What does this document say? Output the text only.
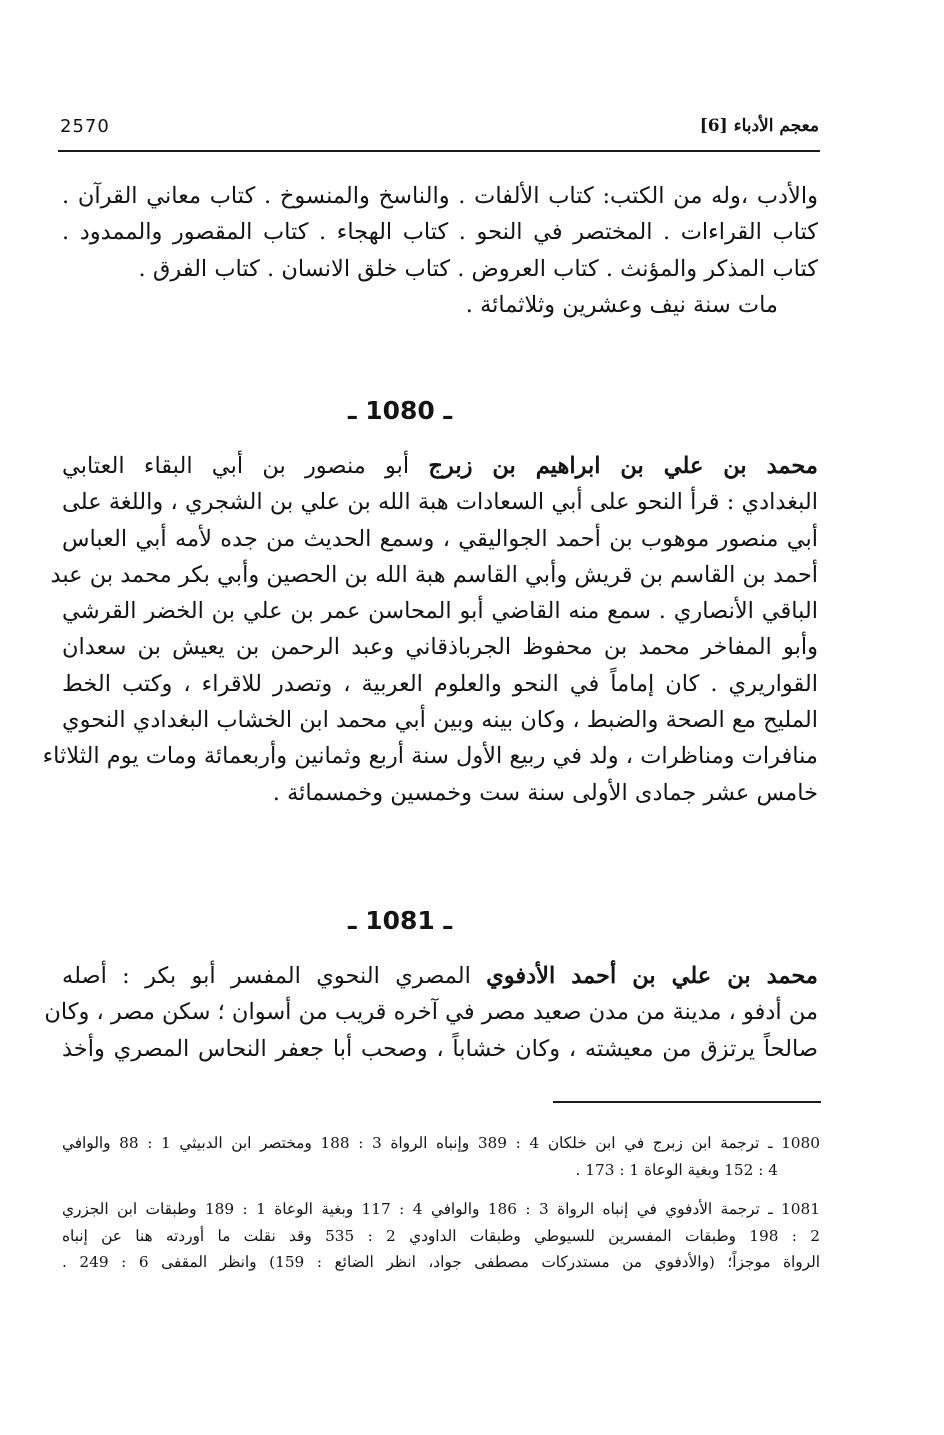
2570	معجم الأدباء [6]
والأدب ،وله من الكتب: كتاب الألفات . والناسخ والمنسوخ . كتاب معاني القرآن .
كتاب القراءات . المختصر في النحو . كتاب الهجاء . كتاب المقصور والممدود .
كتاب المذكر والمؤنث . كتاب العروض . كتاب خلق الانسان . كتاب الفرق .
مات سنة نيف وعشرين وثلاثمائة .
ـ 1080 ـ
محمد بن علي بن ابراهيم بن زبرج أبو منصور بن أبي البقاء العتابي
البغدادي : قرأ النحو على أبي السعادات هبة الله بن علي بن الشجري ، واللغة على
أبي منصور موهوب بن أحمد الجواليقي ، وسمع الحديث من جده لأمه أبي العباس
أحمد بن القاسم بن قريش وأبي القاسم هبة الله بن الحصين وأبي بكر محمد بن عبد
الباقي الأنصاري . سمع منه القاضي أبو المحاسن عمر بن علي بن الخضر القرشي
وأبو المفاخر محمد بن محفوظ الجرباذقاني وعبد الرحمن بن يعيش بن سعدان
القواريري . كان إماماً في النحو والعلوم العربية ، وتصدر للاقراء ، وكتب الخط
المليح مع الصحة والضبط ، وكان بينه وبين أبي محمد ابن الخشاب البغدادي النحوي
منافرات ومناظرات ، ولد في ربيع الأول سنة أربع وثمانين وأربعمائة ومات يوم الثلاثاء
خامس عشر جمادى الأولى سنة ست وخمسين وخمسمائة .
ـ 1081 ـ
محمد بن علي بن أحمد الأدفوي المصري النحوي المفسر أبو بكر : أصله
من أدفو ، مدينة من مدن صعيد مصر في آخره قريب من أسوان ؛ سكن مصر ، وكان
صالحاً يرتزق من معيشته ، وكان خشاباً ، وصحب أبا جعفر النحاس المصري وأخذ
1080 ـ ترجمة ابن زبرج في ابن خلكان 4 : 389 وإنباه الرواة 3 : 188 ومختصر ابن الدبيثي 1 : 88 والوافي
4 : 152 وبغية الوعاة 1 : 173 .
1081 ـ ترجمة الأدفوي في إنباه الرواة 3 : 186 والوافي 4 : 117 وبغية الوعاة 1 : 189 وطبقات ابن الجزري
2 : 198 وطبقات المفسرين للسيوطي وطبقات الداودي 2 : 535 وقد نقلت ما أوردته هنا عن إنباه
الرواة موجزاً؛ (والأدفوي من مستدركات مصطفى جواد، انظر الضائع : 159) وانظر المقفى 6 : 249 .
